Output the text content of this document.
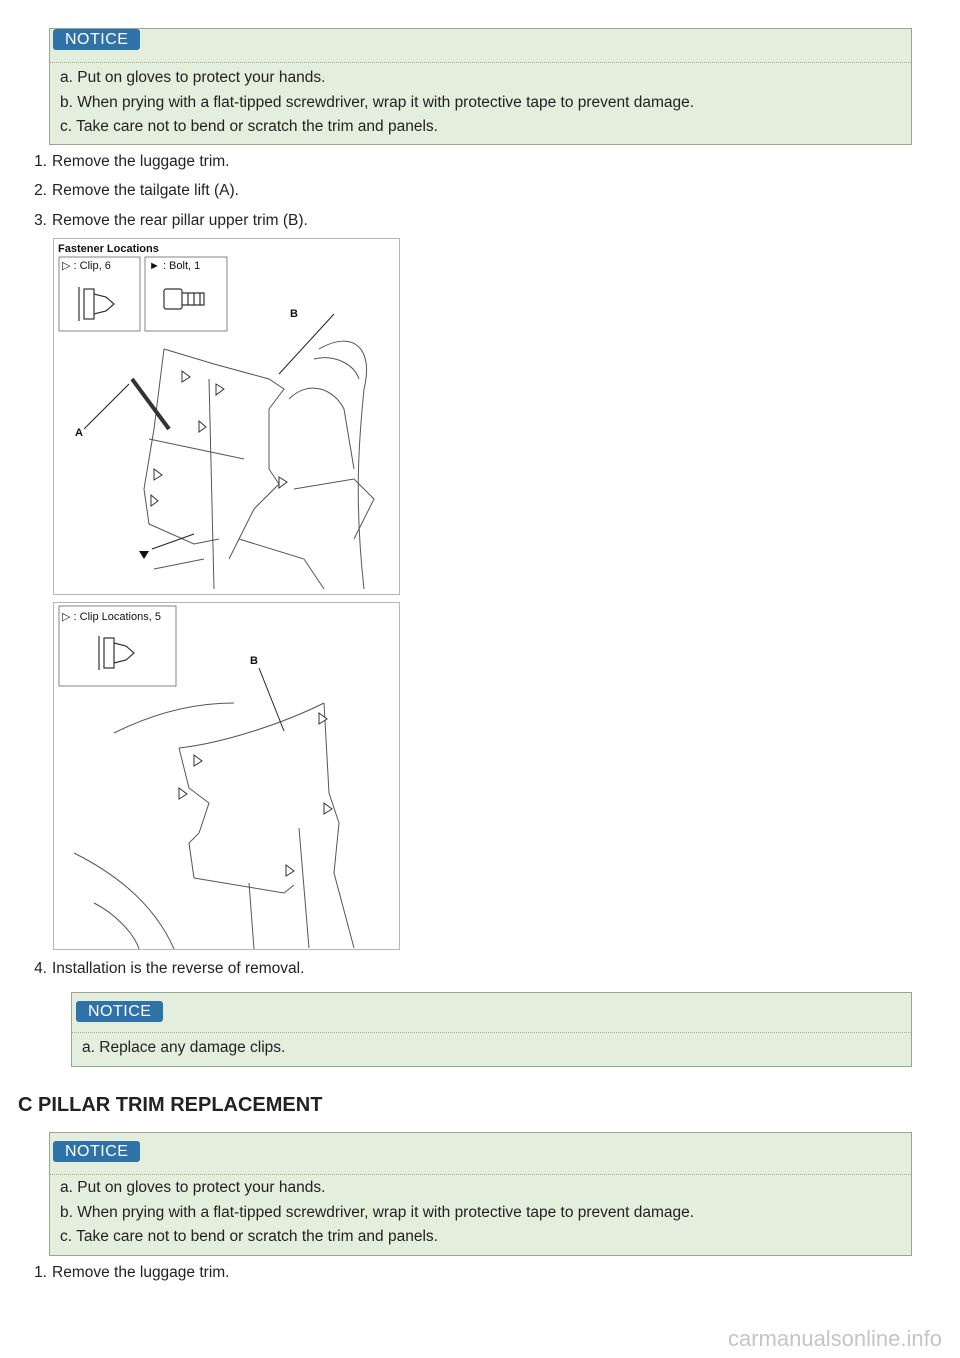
NOTICE
a. Put on gloves to protect your hands.
b. When prying with a flat-tipped screwdriver, wrap it with protective tape to prevent damage.
c. Take care not to bend or scratch the trim and panels.
1. Remove the luggage trim.
2. Remove the tailgate lift (A).
3. Remove the rear pillar upper trim (B).
Fastener Locations
▷ : Clip, 6	► : Bolt, 1
B
A
▷ : Clip Locations, 5
B
4. Installation is the reverse of removal.
NOTICE
a. Replace any damage clips.
C PILLAR TRIM REPLACEMENT
NOTICE
a. Put on gloves to protect your hands.
b. When prying with a flat-tipped screwdriver, wrap it with protective tape to prevent damage.
c. Take care not to bend or scratch the trim and panels.
1. Remove the luggage trim.
carmanualsonline.info
